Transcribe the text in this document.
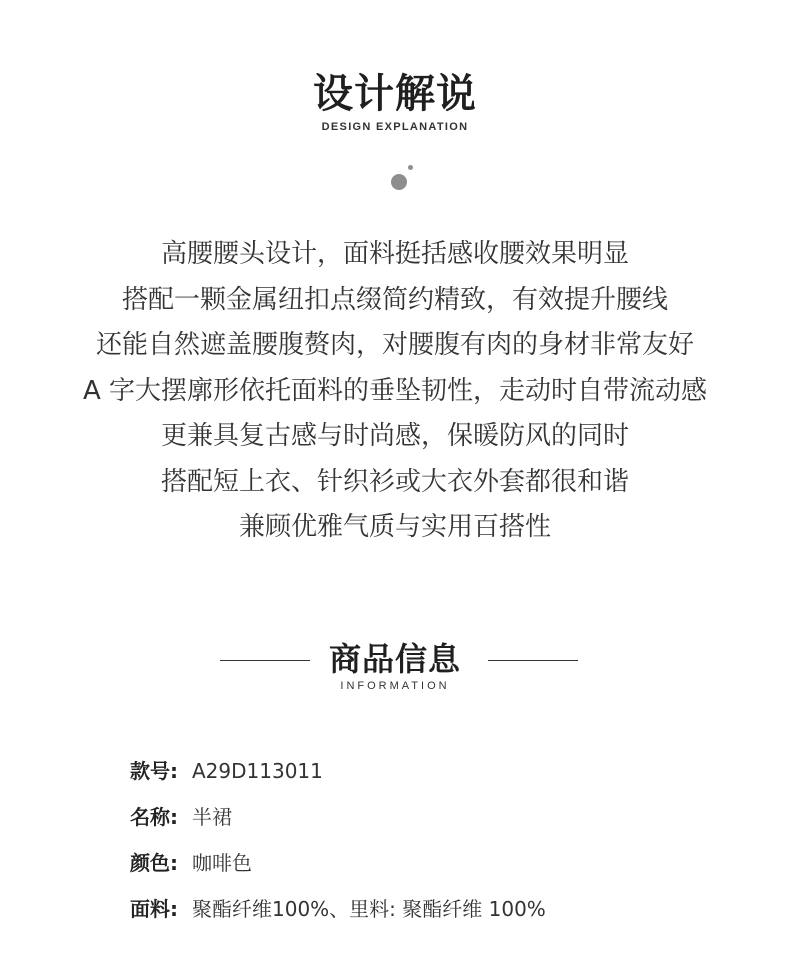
设计解说
DESIGN EXPLANATION
高腰腰头设计，面料挺括感收腰效果明显
搭配一颗金属纽扣点缀简约精致，有效提升腰线
还能自然遮盖腰腹赘肉，对腰腹有肉的身材非常友好
A 字大摆廓形依托面料的垂坠韧性，走动时自带流动感
更兼具复古感与时尚感，保暖防风的同时
搭配短上衣、针织衫或大衣外套都很和谐
兼顾优雅气质与实用百搭性
商品信息
INFORMATION
款号: A29D113011
名称: 半裙
颜色: 咖啡色
面料: 聚酯纤维100%、里料: 聚酯纤维 100%
